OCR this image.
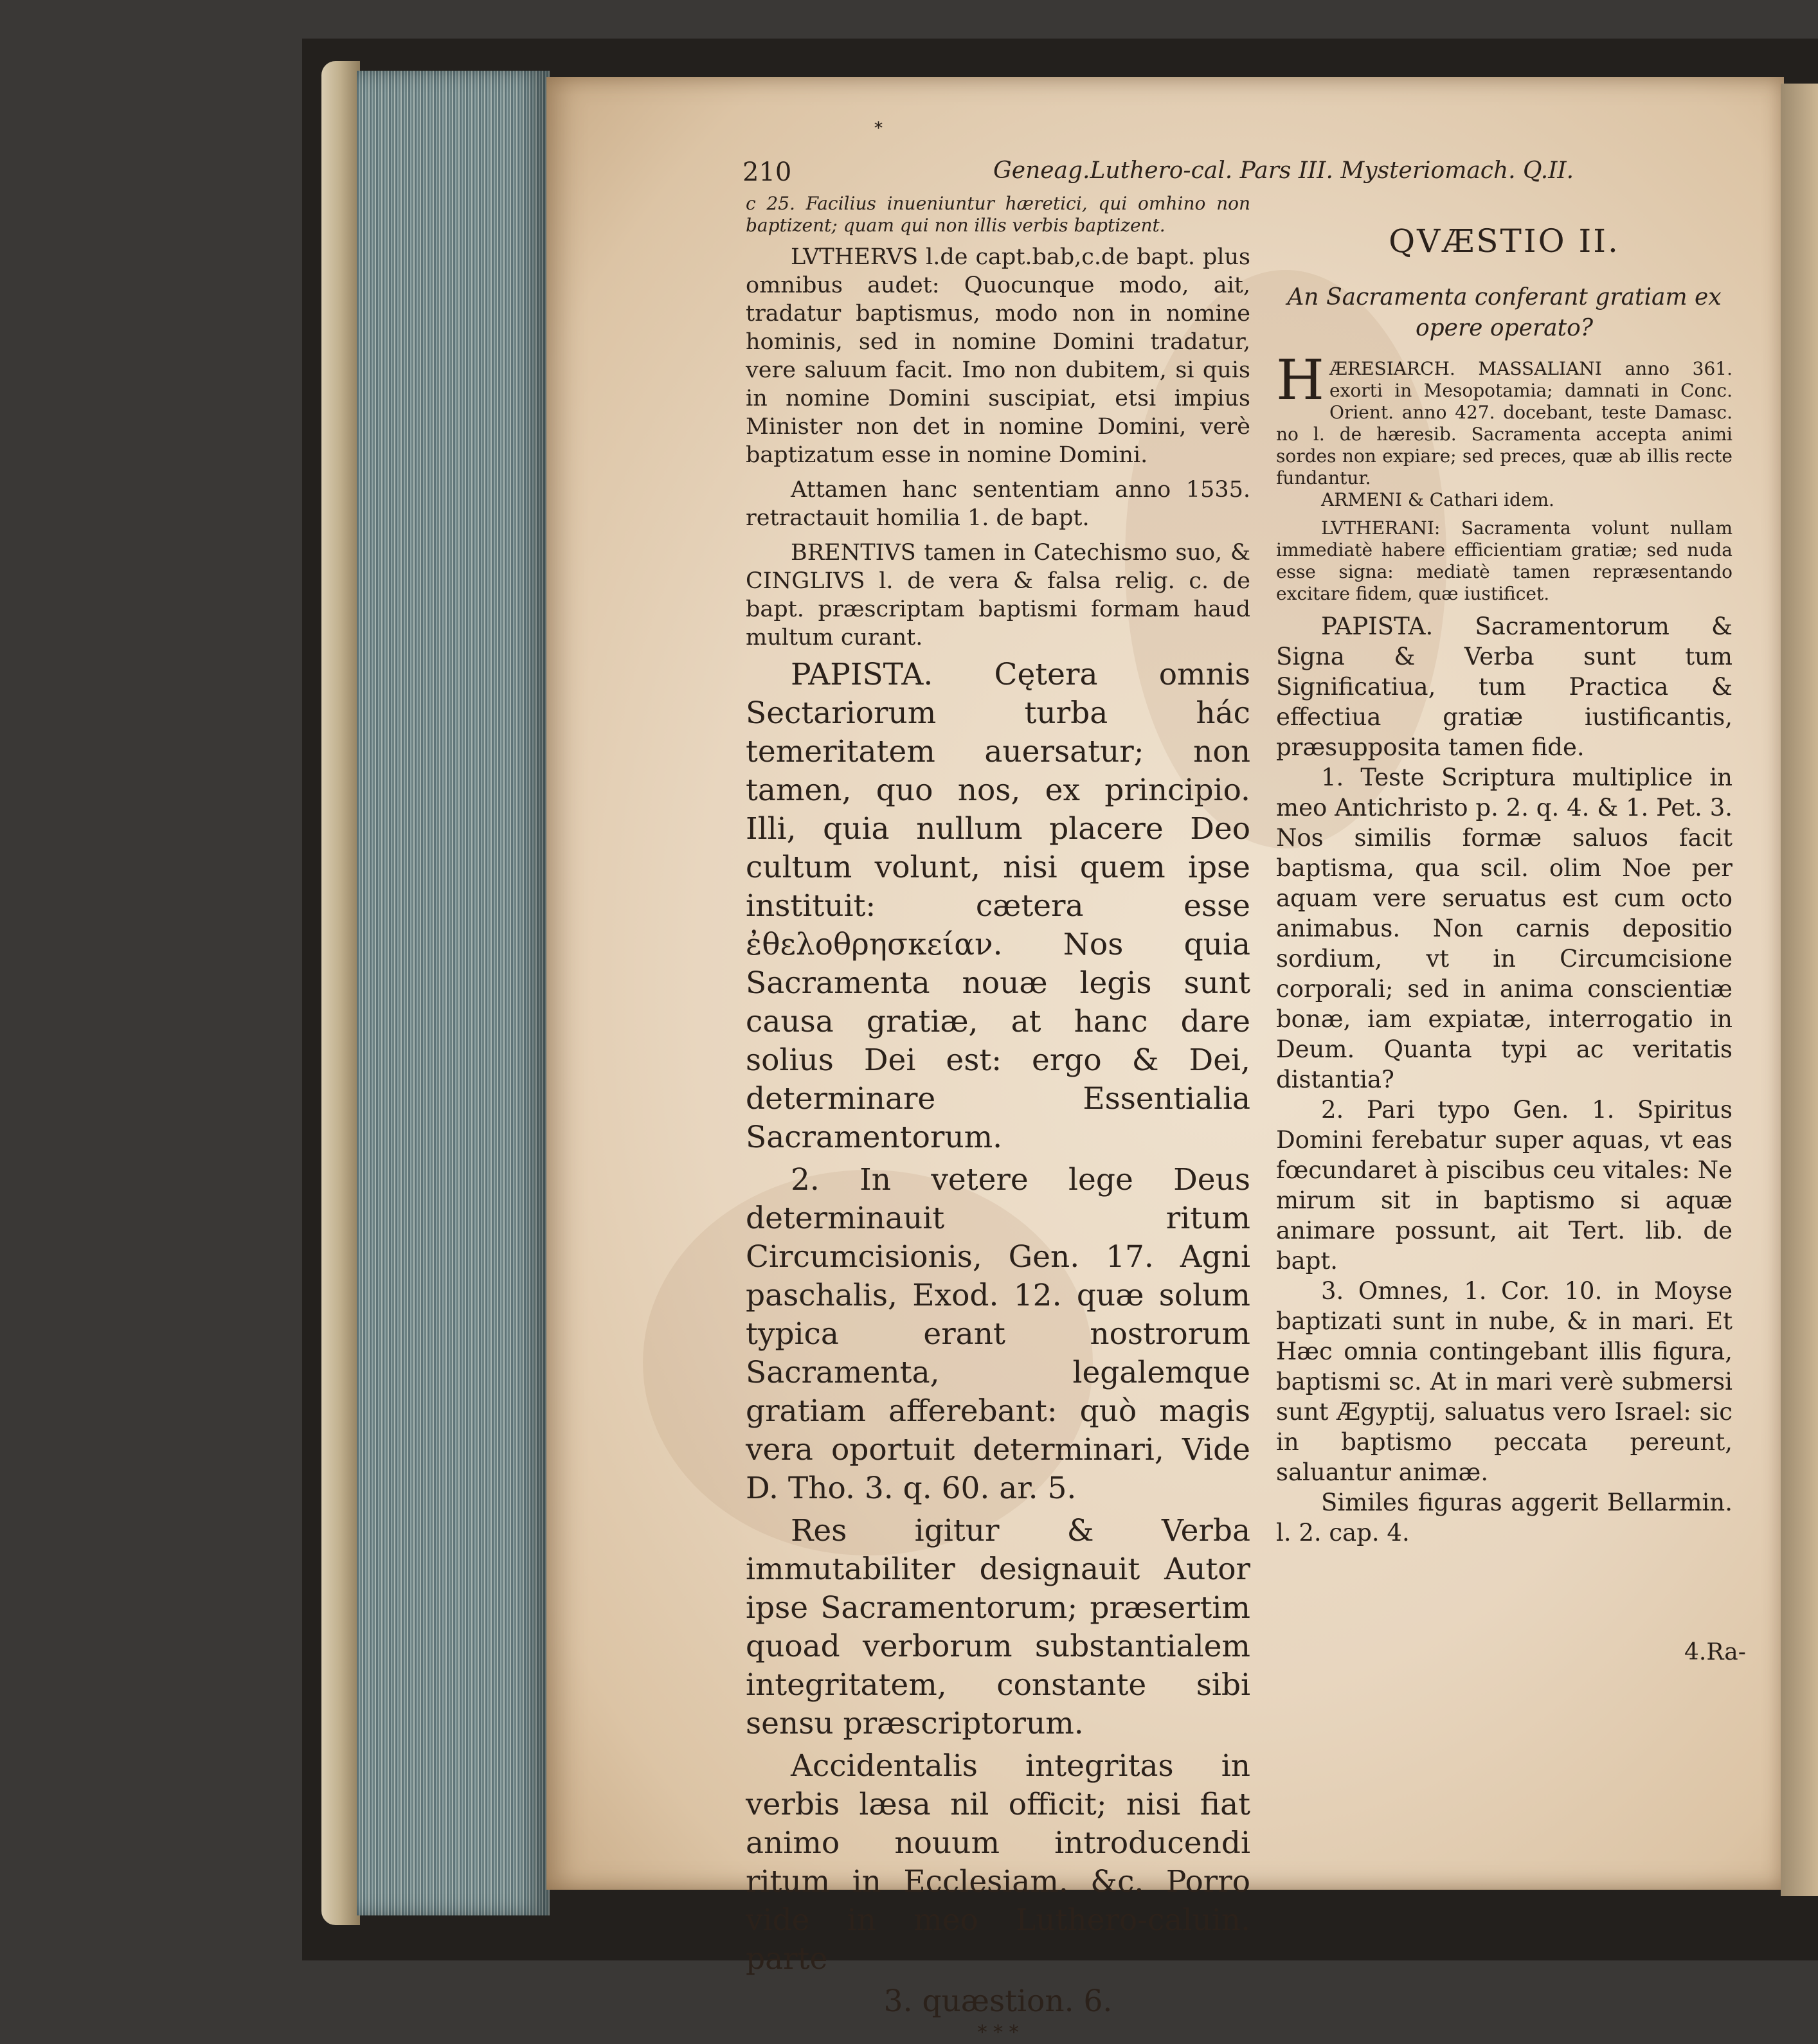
*
210	Geneag.Luthero-cal. Pars III. Mysteriomach. Q.II.

c 25. Facilius inueniuntur hæretici, qui omhino non baptizent; quam qui non illis verbis baptizent.

LVTHERVS l.de capt.bab,c.de bapt. plus omnibus audet: Quocunque modo, ait, tradatur baptismus, modo non in nomine hominis, sed in nomine Domini tradatur, vere saluum facit. Imo non dubitem, si quis in nomine Domini suscipiat, etsi impius Minister non det in nomine Domini, verè baptizatum esse in nomine Domini.

Attamen hanc sententiam anno 1535. retractauit homilia 1. de bapt.

BRENTIVS tamen in Catechismo suo, & CINGLIVS l. de vera & falsa relig. c. de bapt. præscriptam baptismi formam haud multum curant.

PAPISTA. Cętera omnis Sectariorum turba hác temeritatem auersatur; non tamen, quo nos, ex principio. Illi, quia nullum placere Deo cultum volunt, nisi quem ipse instituit: cætera esse ἐθελοθρησκείαν. Nos quia Sacramenta nouæ legis sunt causa gratiæ, at hanc dare solius Dei est: ergo & Dei, determinare Essentialia Sacramentorum.

2. In vetere lege Deus determinauit ritum Circumcisionis, Gen. 17. Agni paschalis, Exod. 12. quæ solum typica erant nostrorum Sacramenta, legalemque gratiam afferebant: quò magis vera oportuit determinari, Vide D. Tho. 3. q. 60. ar. 5.

Res igitur & Verba immutabiliter designauit Autor ipse Sacramentorum; præsertim quoad verborum substantialem integritatem, constante sibi sensu præscriptorum.

Accidentalis integritas in verbis læsa nil officit; nisi fiat animo nouum introducendi ritum in Ecclesiam. &c. Porro vide in meo Luthero-caluin. parte

3. quæstion. 6.

* * *
QVÆSTIO II.
An Sacramenta conferant gratiam ex opere operato?

H ÆRESIARCH. MASSALIANI anno 361. exorti in Mesopotamia; damnati in Conc. Orient. anno 427. docebant, teste Damasc. no l. de hæresib. Sacramenta accepta animi sordes non expiare; sed preces, quæ ab illis recte fundantur.

ARMENI & Cathari idem.

LVTHERANI: Sacramenta volunt nullam immediatè habere efficientiam gratiæ; sed nuda esse signa: mediatè tamen repræsentando excitare fidem, quæ iustificet.

PAPISTA. Sacramentorum & Signa & Verba sunt tum Significatiua, tum Practica & effectiua gratiæ iustificantis, præsupposita tamen fide.

1. Teste Scriptura multiplice in meo Antichristo p. 2. q. 4. & 1. Pet. 3. Nos similis formæ saluos facit baptisma, qua scil. olim Noe per aquam vere seruatus est cum octo animabus. Non carnis depositio sordium, vt in Circumcisione corporali; sed in anima conscientiæ bonæ, iam expiatæ, interrogatio in Deum. Quanta typi ac veritatis distantia?

2. Pari typo Gen. 1. Spiritus Domini ferebatur super aquas, vt eas fœcundaret à piscibus ceu vitales: Ne mirum sit in baptismo si aquæ animare possunt, ait Tert. lib. de bapt.

3. Omnes, 1. Cor. 10. in Moyse baptizati sunt in nube, & in mari. Et Hæc omnia contingebant illis figura, baptismi sc. At in mari verè submersi sunt Ægyptij, saluatus vero Israel: sic in baptismo peccata pereunt, saluantur animæ.

Similes figuras aggerit Bellarmin. l. 2. cap. 4.

4.Ra-
